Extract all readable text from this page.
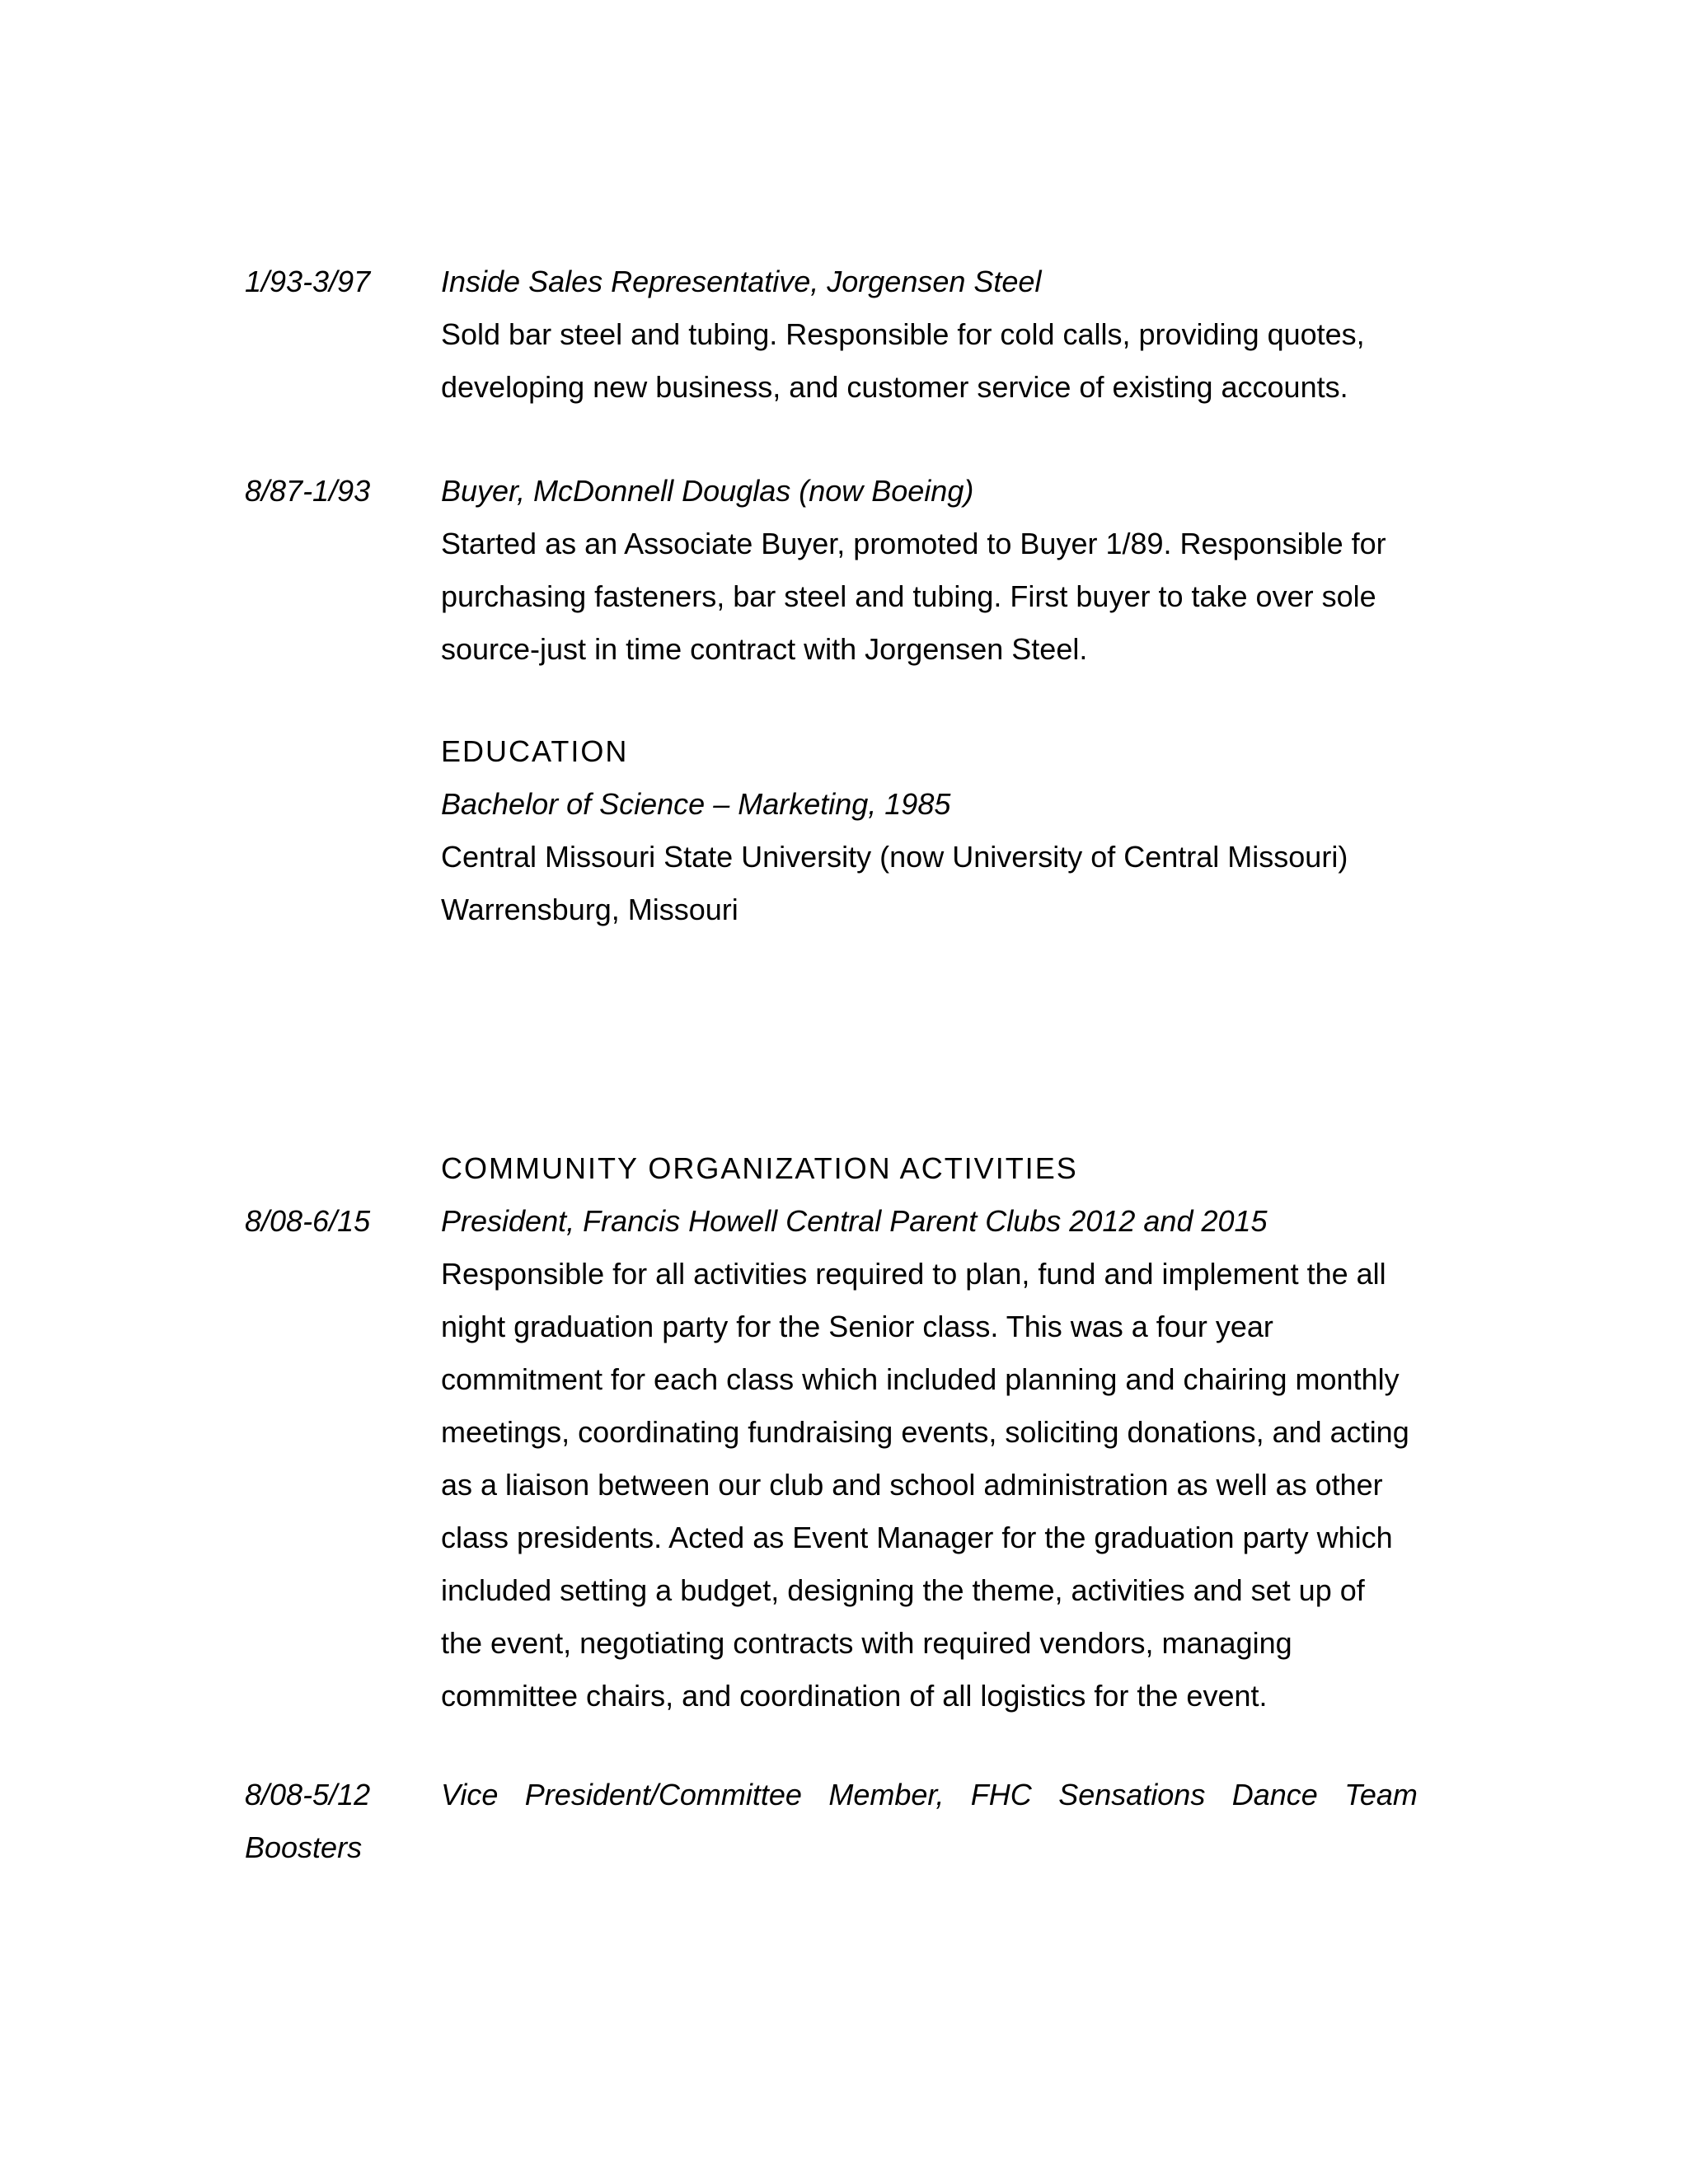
1/93-3/97 Inside Sales Representative, Jorgensen Steel
Sold bar steel and tubing. Responsible for cold calls, providing quotes,
developing new business, and customer service of existing accounts.
8/87-1/93 Buyer, McDonnell Douglas (now Boeing)
Started as an Associate Buyer, promoted to Buyer 1/89. Responsible for
purchasing fasteners, bar steel and tubing. First buyer to take over sole
source-just in time contract with Jorgensen Steel.
EDUCATION
Bachelor of Science – Marketing, 1985
Central Missouri State University (now University of Central Missouri)
Warrensburg, Missouri
COMMUNITY ORGANIZATION ACTIVITIES
President, Francis Howell Central Parent Clubs 2012 and 2015
Responsible for all activities required to plan, fund and implement the all
night graduation party for the Senior class. This was a four year
commitment for each class which included planning and chairing monthly
meetings, coordinating fundraising events, soliciting donations, and acting
as a liaison between our club and school administration as well as other
class presidents. Acted as Event Manager for the graduation party which
included setting a budget, designing the theme, activities and set up of
the event, negotiating contracts with required vendors, managing
committee chairs, and coordination of all logistics for the event.
8/08-6/15
8/08-5/12 Vice President/Committee Member, FHC Sensations Dance Team
Boosters
